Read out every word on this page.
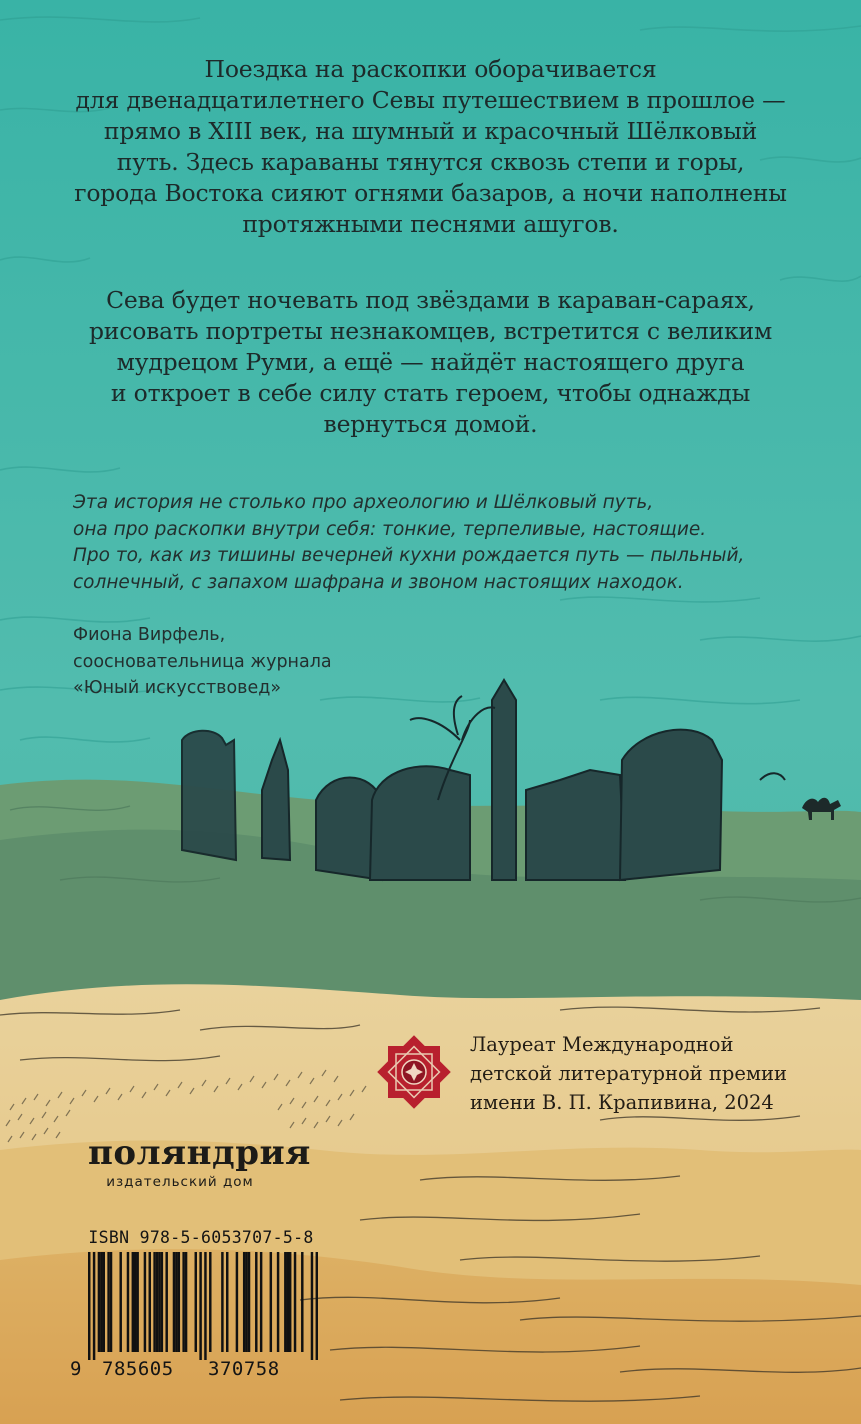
Поездка на раскопки оборачивается
для двенадцатилетнего Севы путешествием в прошлое —
прямо в XIII век, на шумный и красочный Шёлковый
путь. Здесь караваны тянутся сквозь степи и горы,
города Востока сияют огнями базаров, а ночи наполнены
протяжными песнями ашугов.
Сева будет ночевать под звёздами в караван-сараях,
рисовать портреты незнакомцев, встретится с великим
мудрецом Руми, а ещё — найдёт настоящего друга
и откроет в себе силу стать героем, чтобы однажды
вернуться домой.
Эта история не столько про археологию и Шёлковый путь,
она про раскопки внутри себя: тонкие, терпеливые, настоящие.
Про то, как из тишины вечерней кухни рождается путь — пыльный,
солнечный, с запахом шафрана и звоном настоящих находок.
Фиона Вирфель,
соосновательница журнала
«Юный искусствовед»
Лауреат Международной
детской литературной премии
имени В. П. Крапивина, 2024
поляндрия
издательский дом
ISBN 978-5-6053707-5-8
9 785605 370758
